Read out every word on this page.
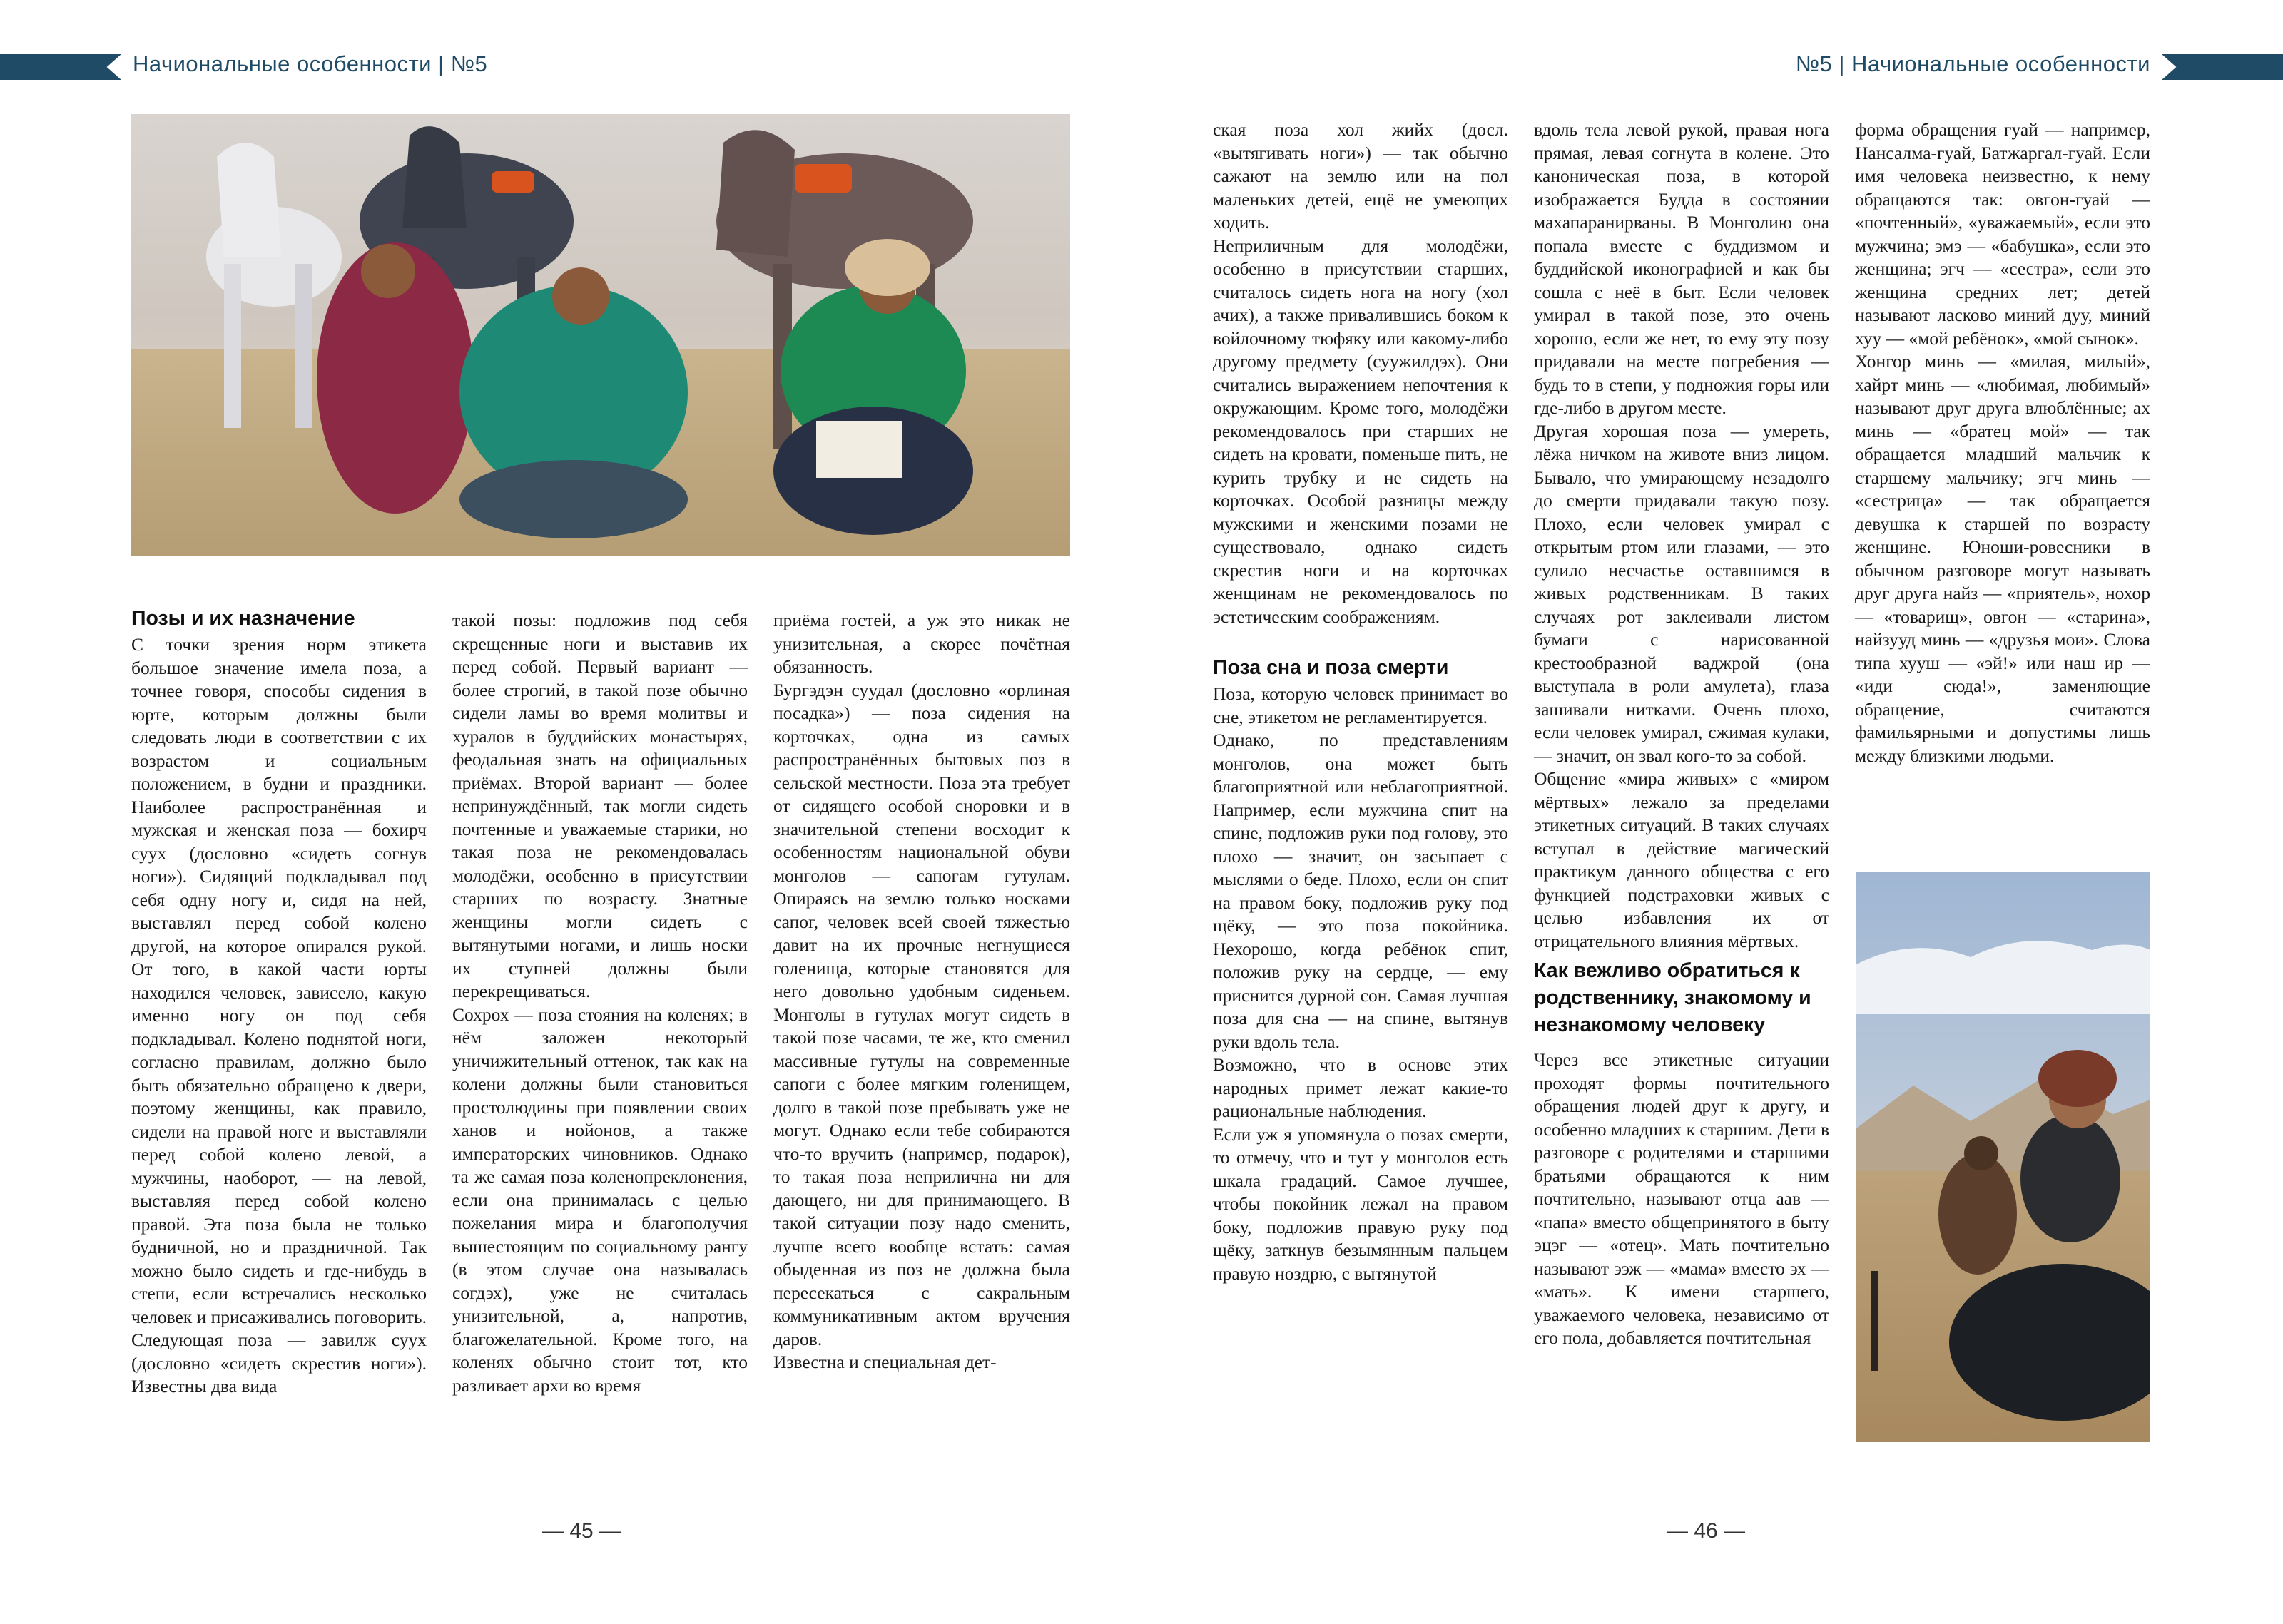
Начиональные особенности | №5	№5 | Начиональные особенности
Позы и их назначение

С точки зрения норм этикета большое значение имела поза, а точнее говоря, способы сидения в юрте, которым должны были следовать люди в соответствии с их возрастом и социальным положением, в будни и праздники. Наиболее распространённая и мужская и женская поза — бохирч суух (дословно «сидеть согнув ноги»). Сидящий подкладывал под себя одну ногу и, сидя на ней, выставлял перед собой колено другой, на которое опирался рукой. От того, в какой части юрты находился человек, зависело, какую именно ногу он под себя подкладывал. Колено поднятой ноги, согласно правилам, должно было быть обязательно обращено к двери, поэтому женщины, как правило, сидели на правой ноге и выставляли перед собой колено левой, а мужчины, наоборот, — на левой, выставляя перед собой колено правой. Эта поза была не только будничной, но и праздничной. Так можно было сидеть и где-нибудь в степи, если встречались несколько человек и присаживались поговорить.

Следующая поза — завилж суух (дословно «сидеть скрестив ноги»). Известны два вида

такой позы: подложив под себя скрещенные ноги и выставив их перед собой. Первый вариант — более строгий, в такой позе обычно сидели ламы во время молитвы и хуралов в буддийских монастырях, феодальная знать на официальных приёмах. Второй вариант — более непринуждённый, так могли сидеть почтенные и уважаемые старики, но такая поза не рекомендовалась молодёжи, особенно в присутствии старших по возрасту. Знатные женщины могли сидеть с вытянутыми ногами, и лишь носки их ступней должны были перекрещиваться.

Сохрох — поза стояния на коленях; в нём заложен некоторый уничижительный оттенок, так как на колени должны были становиться простолюдины при появлении своих ханов и нойонов, а также императорских чиновников. Однако та же самая поза коленопреклонения, если она принималась с целью пожелания мира и благополучия вышестоящим по социальному рангу (в этом случае она называлась согдэх), уже не считалась унизительной, а, напротив, благожелательной. Кроме того, на коленях обычно стоит тот, кто разливает архи во время

приёма гостей, а уж это никак не унизительная, а скорее почётная обязанность.

Бургэдэн суудал (дословно «орлиная посадка») — поза сидения на корточках, одна из самых распространённых бытовых поз в сельской местности. Поза эта требует от сидящего особой сноровки и в значительной степени восходит к особенностям национальной обуви монголов — сапогам гутулам. Опираясь на землю только носками сапог, человек всей своей тяжестью давит на их прочные негнущиеся голенища, которые становятся для него довольно удобным сиденьем. Монголы в гутулах могут сидеть в такой позе часами, те же, кто сменил массивные гутулы на современные сапоги с более мягким голенищем, долго в такой позе пребывать уже не могут. Однако если тебе собираются что-то вручить (например, подарок), то такая поза неприлична ни для дающего, ни для принимающего. В такой ситуации позу надо сменить, лучше всего вообще встать: самая обыденная из поз не должна была пересекаться с сакральным коммуникативным актом вручения даров.

Известна и специальная дет-

ская поза хол жийх (досл. «вытягивать ноги») — так обычно сажают на землю или на пол маленьких детей, ещё не умеющих ходить.

Неприличным для молодёжи, особенно в присутствии старших, считалось сидеть нога на ногу (хол ачих), а также привалившись боком к войлочному тюфяку или какому-либо другому предмету (суужилдэх). Они считались выражением непочтения к окружающим. Кроме того, молодёжи рекомендовалось при старших не сидеть на кровати, поменьше пить, не курить трубку и не сидеть на корточках. Особой разницы между мужскими и женскими позами не существовало, однако сидеть скрестив ноги и на корточках женщинам не рекомендовалось по эстетическим соображениям.

Поза сна и поза смерти

Поза, которую человек принимает во сне, этикетом не регламентируется.

Однако, по представлениям монголов, она может быть благоприятной или неблагоприятной. Например, если мужчина спит на спине, подложив руки под голову, это плохо — значит, он засыпает с мыслями о беде. Плохо, если он спит на правом боку, подложив руку под щёку, — это поза покойника. Нехорошо, когда ребёнок спит, положив руку на сердце, — ему приснится дурной сон. Самая лучшая поза для сна — на спине, вытянув руки вдоль тела.

Возможно, что в основе этих народных примет лежат какие-то рациональные наблюдения.

Если уж я упомянула о позах смерти, то отмечу, что и тут у монголов есть шкала градаций. Самое лучшее, чтобы покойник лежал на правом боку, подложив правую руку под щёку, заткнув безымянным пальцем правую ноздрю, с вытянутой

вдоль тела левой рукой, правая нога прямая, левая согнута в колене. Это каноническая поза, в которой изображается Будда в состоянии махапаранирваны. В Монголию она попала вместе с буддизмом и буддийской иконографией и как бы сошла с неё в быт. Если человек умирал в такой позе, это очень хорошо, если же нет, то ему эту позу придавали на месте погребения — будь то в степи, у подножия горы или где-либо в другом месте.

Другая хорошая поза — умереть, лёжа ничком на животе вниз лицом. Бывало, что умирающему незадолго до смерти придавали такую позу. Плохо, если человек умирал с открытым ртом или глазами, — это сулило несчастье оставшимся в живых родственникам. В таких случаях рот заклеивали листом бумаги с нарисованной крестообразной ваджрой (она выступала в роли амулета), глаза зашивали нитками. Очень плохо, если человек умирал, сжимая кулаки, — значит, он звал кого-то за собой.

Общение «мира живых» с «миром мёртвых» лежало за пределами этикетных ситуаций. В таких случаях вступал в действие магический практикум данного общества с его функцией подстраховки живых с целью избавления их от отрицательного влияния мёртвых.

Как вежливо обратиться к родственнику, знакомому и незнакомому человеку

Через все этикетные ситуации проходят формы почтительного обращения людей друг к другу, и особенно младших к старшим. Дети в разговоре с родителями и старшими братьями обращаются к ним почтительно, называют отца аав — «папа» вместо общепринятого в быту эцэг — «отец». Мать почтительно называют ээж — «мама» вместо эх — «мать». К имени старшего, уважаемого человека, независимо от его пола, добавляется почтительная

форма обращения гуай — например, Нансалма-гуай, Батжаргал-гуай. Если имя человека неизвестно, к нему обращаются так: овгон-гуай — «почтенный», «уважаемый», если это мужчина; эмэ — «бабушка», если это женщина; эгч — «сестра», если это женщина средних лет; детей называют ласково миний дуу, миний хуу — «мой ребёнок», «мой сынок».

Хонгор минь — «милая, милый», хайрт минь — «любимая, любимый» называют друг друга влюблённые; ах минь — «братец мой» — так обращается младший мальчик к старшему мальчику; эгч минь — «сестрица» — так обращается девушка к старшей по возрасту женщине. Юноши-ровесники в обычном разговоре могут называть друг друга найз — «приятель», нохор — «товарищ», овгон — «старина», найзууд минь — «друзья мои». Слова типа хууш — «эй!» или наш ир — «иди сюда!», заменяющие обращение, считаются фамильярными и допустимы лишь между близкими людьми.

— 45 —	— 46 —
